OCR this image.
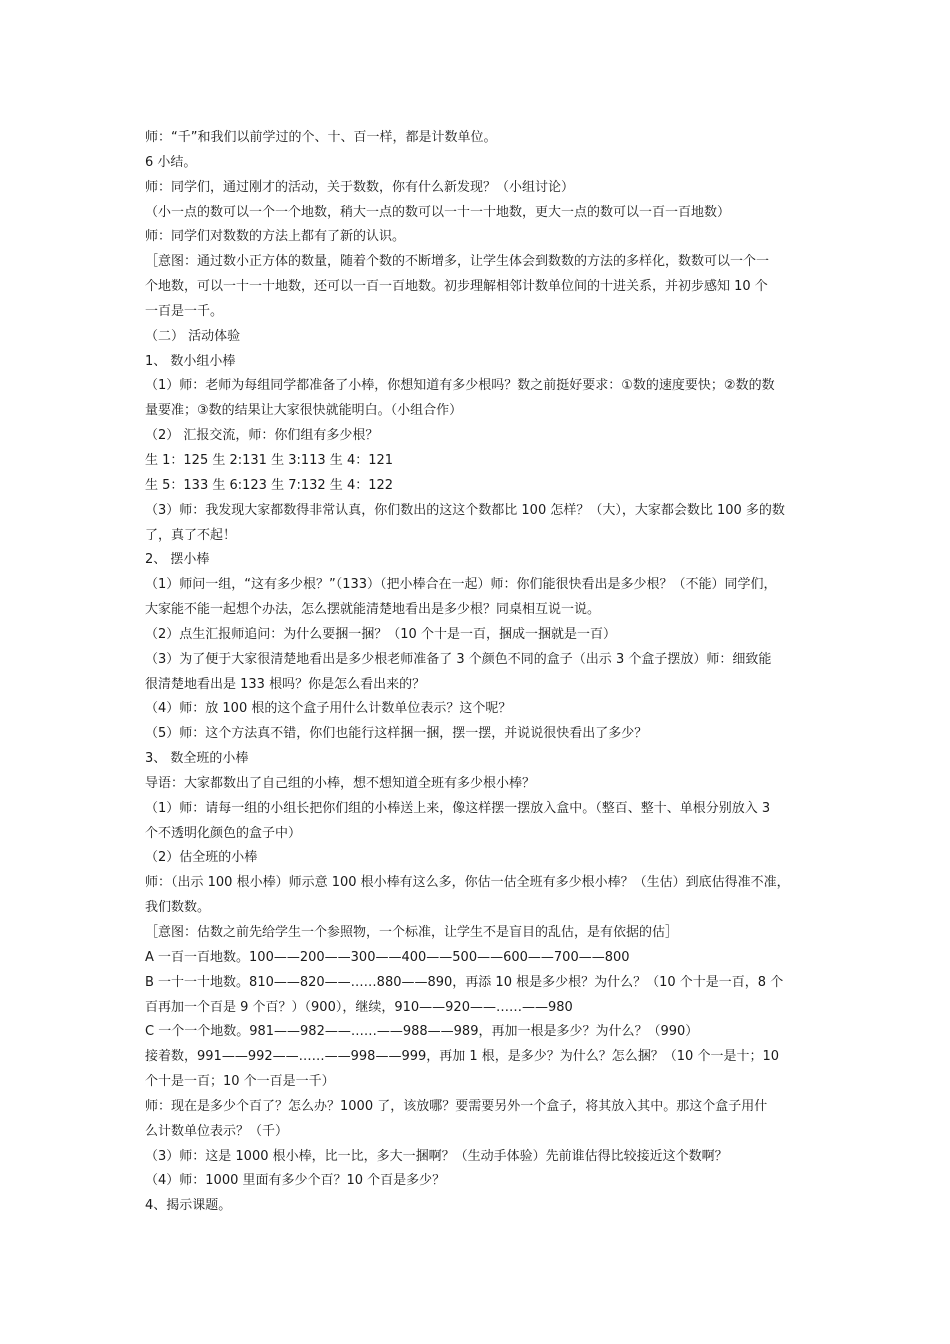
师：“千”和我们以前学过的个、十、百一样，都是计数单位。
6 小结。
师：同学们，通过刚才的活动，关于数数，你有什么新发现？（小组讨论）
（小一点的数可以一个一个地数，稍大一点的数可以一十一十地数，更大一点的数可以一百一百地数）
师：同学们对数数的方法上都有了新的认识。
［意图：通过数小正方体的数量，随着个数的不断增多，让学生体会到数数的方法的多样化，数数可以一个一
个地数，可以一十一十地数，还可以一百一百地数。初步理解相邻计数单位间的十进关系，并初步感知 10 个
一百是一千。
（二） 活动体验
1、 数小组小棒
（1）师：老师为每组同学都准备了小棒，你想知道有多少根吗？数之前挺好要求：①数的速度要快；②数的数
量要准；③数的结果让大家很快就能明白。（小组合作）
（2） 汇报交流，师：你们组有多少根？
生 1：125 生 2:131 生 3:113 生 4：121
生 5：133 生 6:123 生 7:132 生 4：122
（3）师：我发现大家都数得非常认真，你们数出的这这个数都比 100 怎样？（大），大家都会数比 100 多的数
了，真了不起！
2、 摆小棒
（1）师问一组，“这有多少根？”（133）（把小棒合在一起）师：你们能很快看出是多少根？（不能）同学们，
大家能不能一起想个办法，怎么摆就能清楚地看出是多少根？同桌相互说一说。
（2）点生汇报师追问：为什么要捆一捆？（10 个十是一百，捆成一捆就是一百）
（3）为了便于大家很清楚地看出是多少根老师准备了 3 个颜色不同的盒子（出示 3 个盒子摆放）师：细致能
很清楚地看出是 133 根吗？你是怎么看出来的？
（4）师：放 100 根的这个盒子用什么计数单位表示？这个呢？
（5）师：这个方法真不错，你们也能行这样捆一捆，摆一摆，并说说很快看出了多少？
3、 数全班的小棒
导语：大家都数出了自己组的小棒，想不想知道全班有多少根小棒？
（1）师：请每一组的小组长把你们组的小棒送上来，像这样摆一摆放入盒中。（整百、整十、单根分别放入 3
个不透明化颜色的盒子中）
（2）估全班的小棒
师：（出示 100 根小棒）师示意 100 根小棒有这么多，你估一估全班有多少根小棒？（生估）到底估得准不准，
我们数数。
［意图：估数之前先给学生一个参照物，一个标准，让学生不是盲目的乱估，是有依据的估］
A 一百一百地数。100——200——300——400——500——600——700——800
B 一十一十地数。810——820——……880——890，再添 10 根是多少根？为什么？（10 个十是一百，8 个
百再加一个百是 9 个百？）（900），继续，910——920——……——980
C 一个一个地数。981——982——……——988——989，再加一根是多少？为什么？（990）
接着数，991——992——……——998——999，再加 1 根，是多少？为什么？怎么捆？（10 个一是十；10
个十是一百；10 个一百是一千）
师：现在是多少个百了？怎么办？1000 了，该放哪？要需要另外一个盒子，将其放入其中。那这个盒子用什
么计数单位表示？（千）
（3）师：这是 1000 根小棒，比一比，多大一捆啊？（生动手体验）先前谁估得比较接近这个数啊？
（4）师：1000 里面有多少个百？10 个百是多少？
4、揭示课题。
